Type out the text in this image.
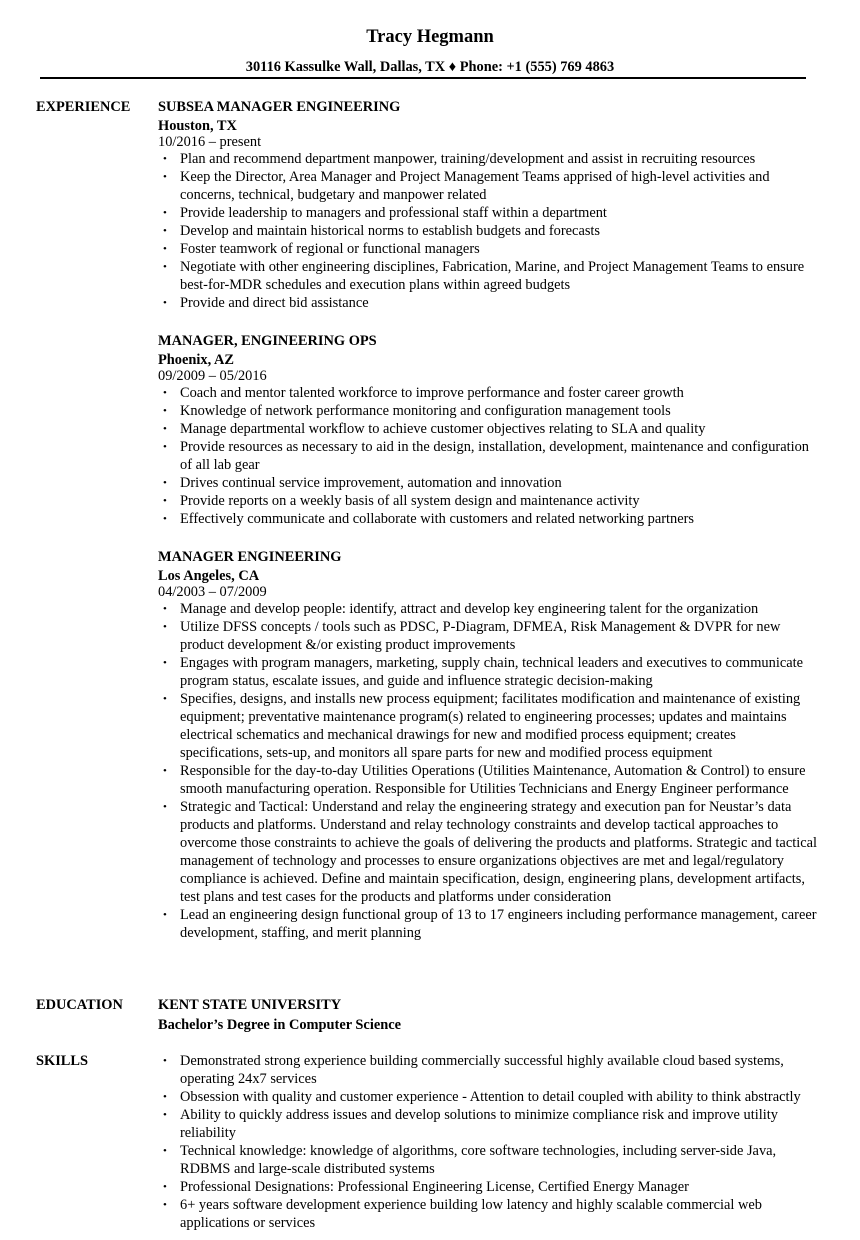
Tracy Hegmann
30116 Kassulke Wall, Dallas, TX ♦ Phone: +1 (555) 769 4863
EXPERIENCE SUBSEA MANAGER ENGINEERING
Houston, TX
10/2016 – present
• Plan and recommend department manpower, training/development and assist in recruiting resources
• Keep the Director, Area Manager and Project Management Teams apprised of high-level activities and concerns, technical, budgetary and manpower related
• Provide leadership to managers and professional staff within a department
• Develop and maintain historical norms to establish budgets and forecasts
• Foster teamwork of regional or functional managers
• Negotiate with other engineering disciplines, Fabrication, Marine, and Project Management Teams to ensure best-for-MDR schedules and execution plans within agreed budgets
• Provide and direct bid assistance
MANAGER, ENGINEERING OPS
Phoenix, AZ
09/2009 – 05/2016
• Coach and mentor talented workforce to improve performance and foster career growth
• Knowledge of network performance monitoring and configuration management tools
• Manage departmental workflow to achieve customer objectives relating to SLA and quality
• Provide resources as necessary to aid in the design, installation, development, maintenance and configuration of all lab gear
• Drives continual service improvement, automation and innovation
• Provide reports on a weekly basis of all system design and maintenance activity
• Effectively communicate and collaborate with customers and related networking partners
MANAGER ENGINEERING
Los Angeles, CA
04/2003 – 07/2009
• Manage and develop people: identify, attract and develop key engineering talent for the organization
• Utilize DFSS concepts / tools such as PDSC, P-Diagram, DFMEA, Risk Management & DVPR for new product development &/or existing product improvements
• Engages with program managers, marketing, supply chain, technical leaders and executives to communicate program status, escalate issues, and guide and influence strategic decision-making
• Specifies, designs, and installs new process equipment; facilitates modification and maintenance of existing equipment; preventative maintenance program(s) related to engineering processes; updates and maintains electrical schematics and mechanical drawings for new and modified process equipment; creates specifications, sets-up, and monitors all spare parts for new and modified process equipment
• Responsible for the day-to-day Utilities Operations (Utilities Maintenance, Automation & Control) to ensure smooth manufacturing operation. Responsible for Utilities Technicians and Energy Engineer performance
• Strategic and Tactical: Understand and relay the engineering strategy and execution pan for Neustar’s data products and platforms. Understand and relay technology constraints and develop tactical approaches to overcome those constraints to achieve the goals of delivering the products and platforms. Strategic and tactical management of technology and processes to ensure organizations objectives are met and legal/regulatory compliance is achieved. Define and maintain specification, design, engineering plans, development artifacts, test plans and test cases for the products and platforms under consideration
• Lead an engineering design functional group of 13 to 17 engineers including performance management, career development, staffing, and merit planning
EDUCATION KENT STATE UNIVERSITY
Bachelor’s Degree in Computer Science
SKILLS	• Demonstrated strong experience building commercially successful highly available cloud based systems, operating 24x7 services
• Obsession with quality and customer experience - Attention to detail coupled with ability to think abstractly
• Ability to quickly address issues and develop solutions to minimize compliance risk and improve utility reliability
• Technical knowledge: knowledge of algorithms, core software technologies, including server-side Java, RDBMS and large-scale distributed systems
• Professional Designations: Professional Engineering License, Certified Energy Manager
• 6+ years software development experience building low latency and highly scalable commercial web applications or services
